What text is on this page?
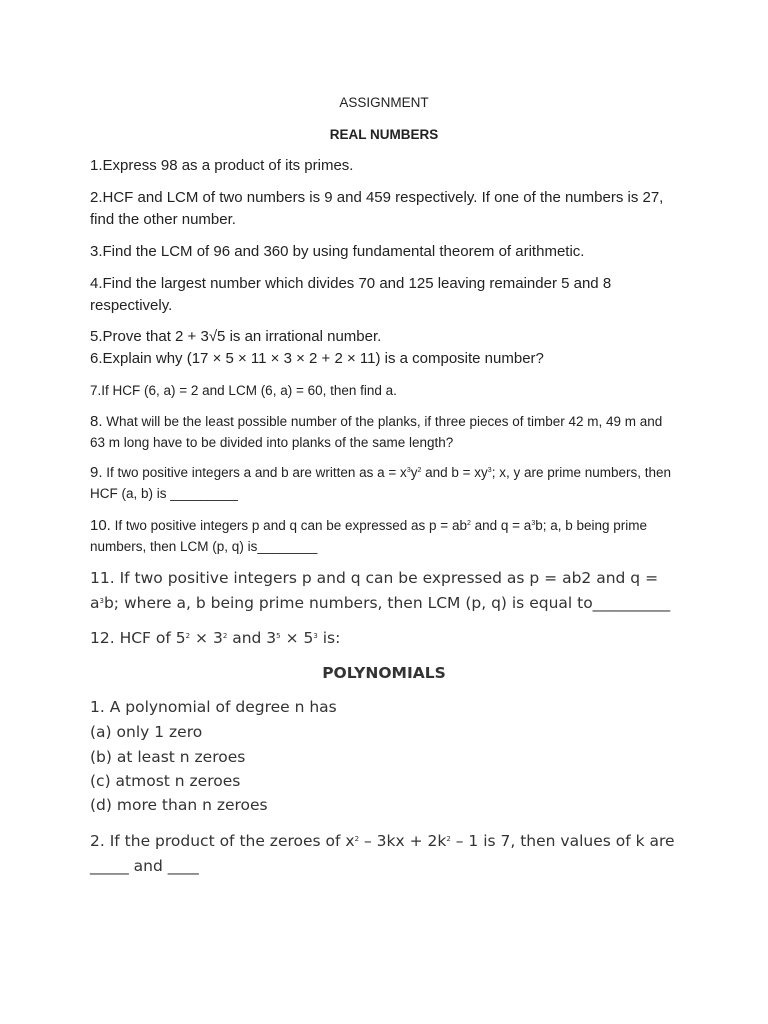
ASSIGNMENT

REAL NUMBERS

1.Express 98 as a product of its primes.

2.HCF and LCM of two numbers is 9 and 459 respectively. If one of the numbers is 27, find the other number.

3.Find the LCM of 96 and 360 by using fundamental theorem of arithmetic.

4.Find the largest number which divides 70 and 125 leaving remainder 5 and 8 respectively.

5.Prove that 2 + 3√5 is an irrational number.

6.Explain why (17 × 5 × 11 × 3 × 2 + 2 × 11) is a composite number?

7.If HCF (6, a) = 2 and LCM (6, a) = 60, then find a.

8. What will be the least possible number of the planks, if three pieces of timber 42 m, 49 m and 63 m long have to be divided into planks of the same length?

9. If two positive integers a and b are written as $a = x^3y^2$ and $b = xy^3$; x, y are prime numbers, then HCF (a, b) is _________

10. If two positive integers p and q can be expressed as $p = ab^2$ and $q = a^3b$; a, b being prime numbers, then LCM (p, q) is________

11. If two positive integers p and q can be expressed as p = ab2 and $q = a^3b$; where a, b being prime numbers, then LCM (p, q) is equal to__________

12. HCF of $5^2 \times 3^2$ and $3^5 \times 5^3$ is:

POLYNOMIALS

1. A polynomial of degree n has

(a) only 1 zero

(b) at least n zeroes

(c) atmost n zeroes

(d) more than n zeroes

2. If the product of the zeroes of $x^2 - 3kx + 2k^2 - 1$ is 7, then values of k are _____ and ____
